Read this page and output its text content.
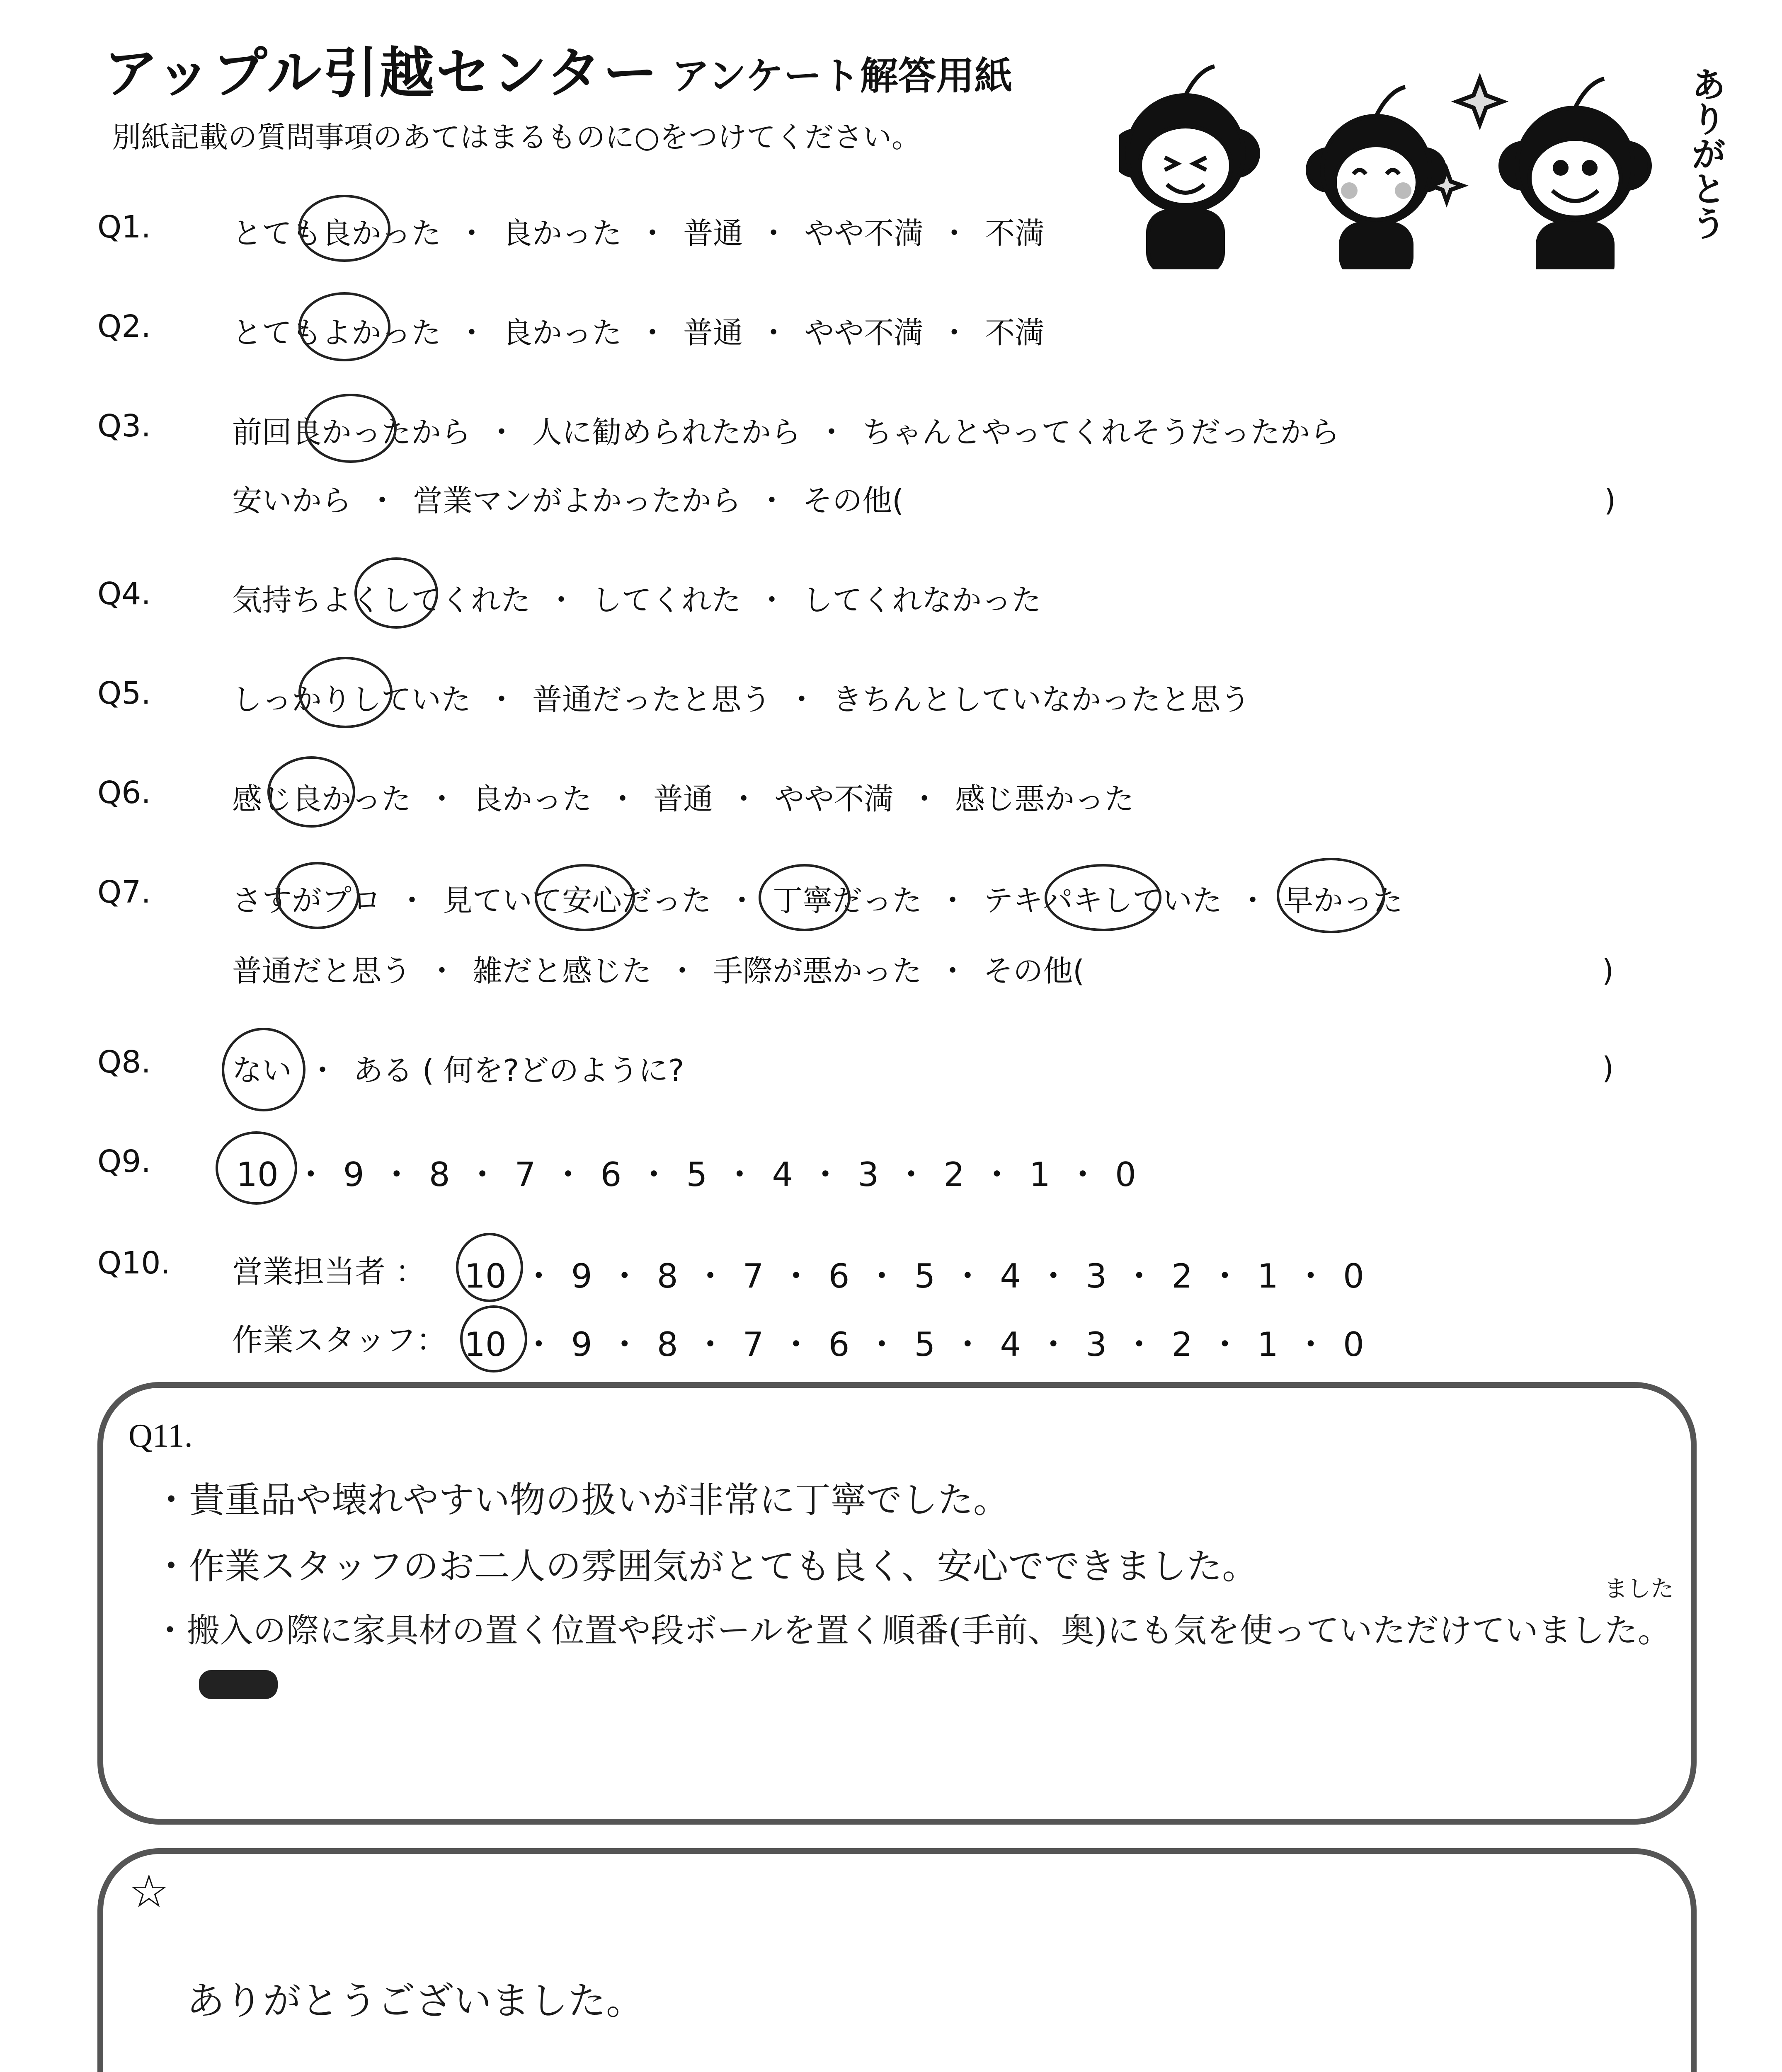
アップル引越センター アンケート解答用紙
別紙記載の質問事項のあてはまるものに○をつけてください。	ありがとう
Q1.	とても良かった ・ 良かった ・ 普通 ・ やや不満 ・ 不満
Q2.	とてもよかった ・ 良かった ・ 普通 ・ やや不満 ・ 不満
Q3.	前回良かったから ・ 人に勧められたから ・ ちゃんとやってくれそうだったから
安いから ・ 営業マンがよかったから ・ その他(	)
Q4.	気持ちよくしてくれた ・ してくれた ・ してくれなかった
Q5.	しっかりしていた ・ 普通だったと思う ・ きちんとしていなかったと思う
Q6.	感じ良かった ・ 良かった ・ 普通 ・ やや不満 ・ 感じ悪かった
Q7.	さすがプロ ・ 見ていて安心だった ・ 丁寧だった ・ テキパキしていた ・ 早かった
普通だと思う ・ 雑だと感じた ・ 手際が悪かった ・ その他(	)
Q8.	ない ・ ある ( 何を?どのように?	)
Q9.	10 ・ 9 ・ 8 ・ 7 ・ 6 ・ 5 ・ 4 ・ 3 ・ 2 ・ 1 ・ 0
Q10. 営業担当者 ： 10 ・ 9 ・ 8 ・ 7 ・ 6 ・ 5 ・ 4 ・ 3 ・ 2 ・ 1 ・ 0
作業スタッフ： 10 ・ 9 ・ 8 ・ 7 ・ 6 ・ 5 ・ 4 ・ 3 ・ 2 ・ 1 ・ 0
Q11.
・貴重品や壊れやすい物の扱いが非常に丁寧でした。
・作業スタッフのお二人の雰囲気がとても良く、安心でできました。
・搬入の際に家具材の置く位置や段ボールを置く順番(手前、奥)にも気を使っていただけていました。
ました
☆
ありがとうございました。
